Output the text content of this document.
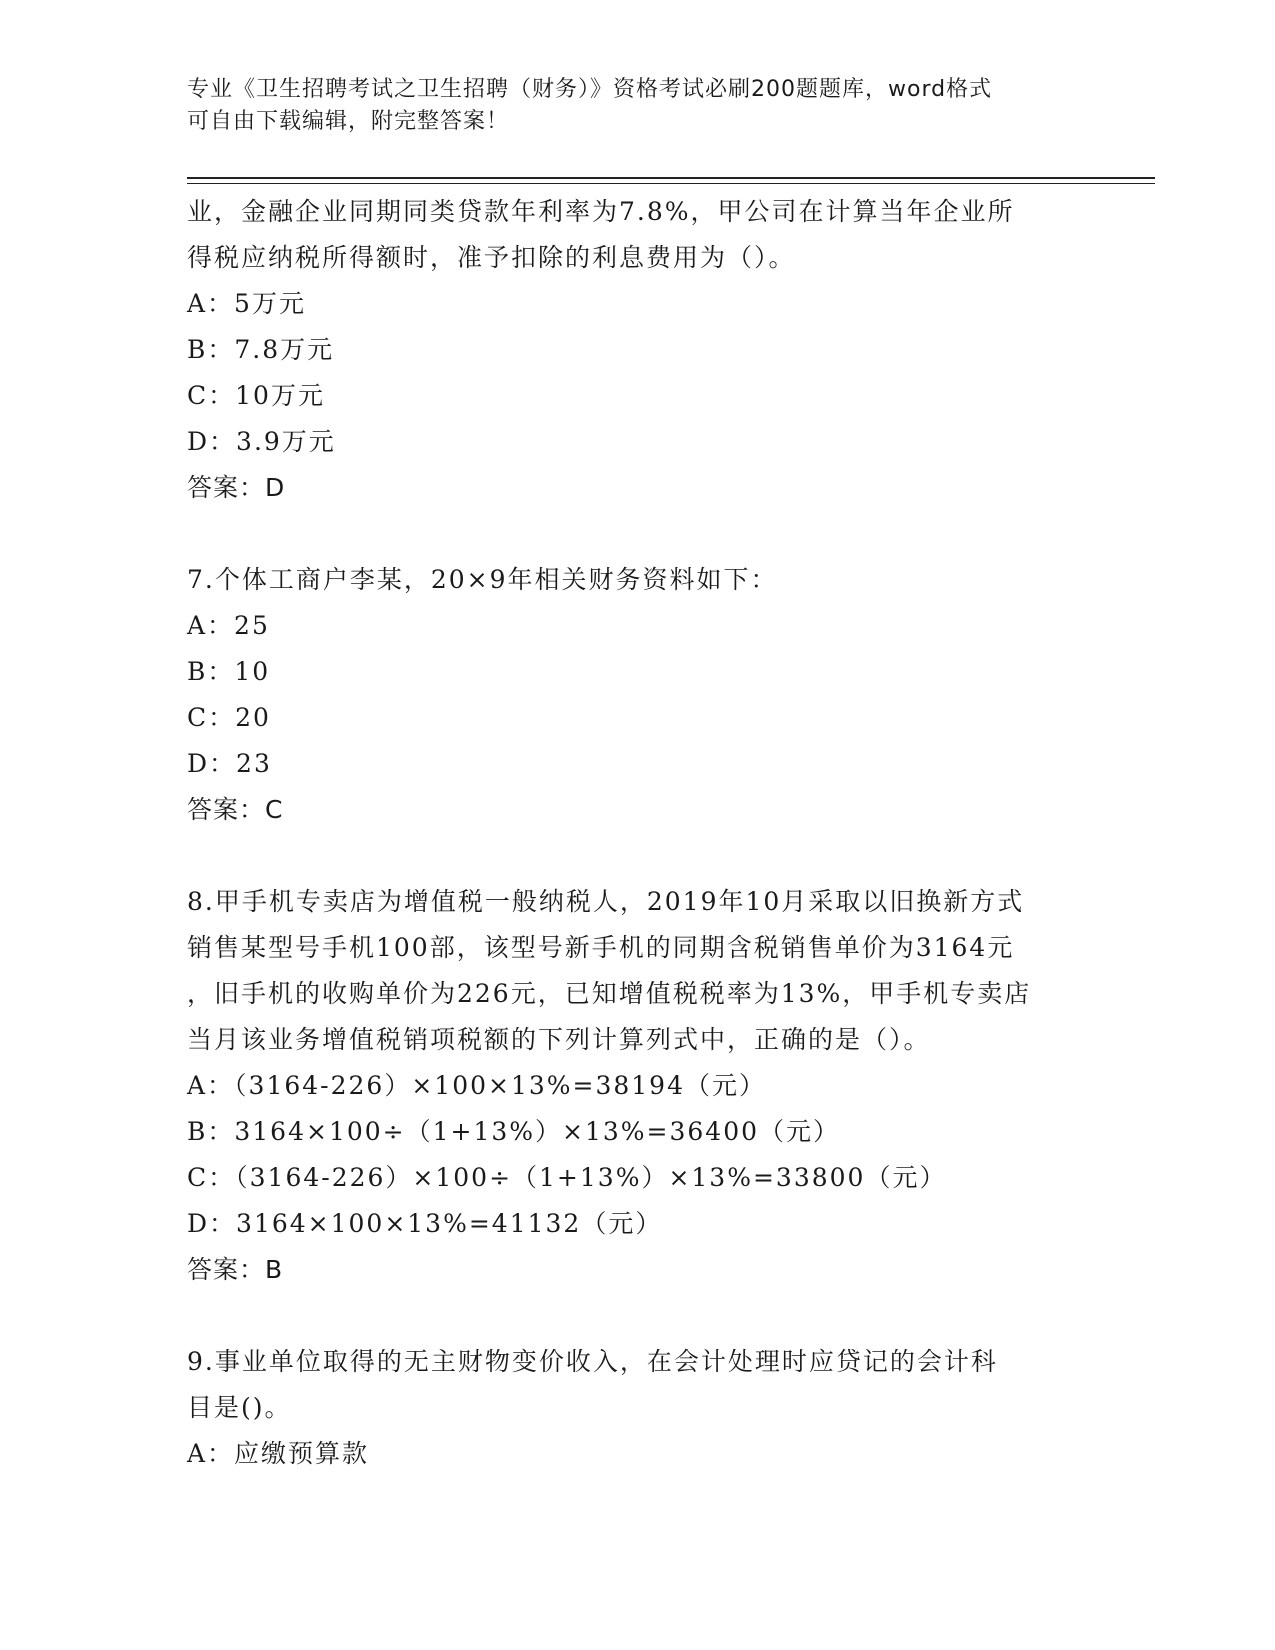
专业《卫生招聘考试之卫生招聘（财务）》资格考试必刷200题题库，word格式
可自由下载编辑，附完整答案！
业，金融企业同期同类贷款年利率为7.8%，甲公司在计算当年企业所
得税应纳税所得额时，准予扣除的利息费用为（）。
A：5万元
B：7.8万元
C：10万元
D：3.9万元
答案：D
7.个体工商户李某，20×9年相关财务资料如下：
A：25
B：10
C：20
D：23
答案：C
8.甲手机专卖店为增值税一般纳税人，2019年10月采取以旧换新方式
销售某型号手机100部，该型号新手机的同期含税销售单价为3164元
，旧手机的收购单价为226元，已知增值税税率为13%，甲手机专卖店
当月该业务增值税销项税额的下列计算列式中，正确的是（）。
A：（3164-226）×100×13%=38194（元）
B：3164×100÷（1+13%）×13%=36400（元）
C：（3164-226）×100÷（1+13%）×13%=33800（元）
D：3164×100×13%=41132（元）
答案：B
9.事业单位取得的无主财物变价收入，在会计处理时应贷记的会计科
目是()。
A：应缴预算款
